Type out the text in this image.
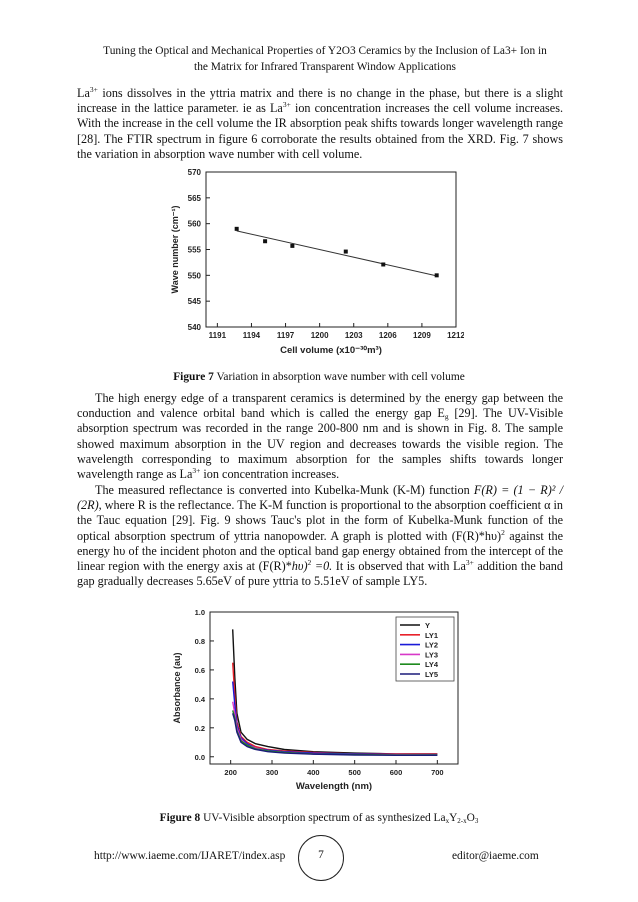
Tuning the Optical and Mechanical Properties of Y2O3 Ceramics by the Inclusion of La3+ Ion in
the Matrix for Infrared Transparent Window Applications
$La^{3+}$ ions dissolves in the yttria matrix and there is no change in the phase, but there is a slight increase in the lattice parameter. ie as $La^{3+}$ ion concentration increases the cell volume increases. With the increase in the cell volume the IR absorption peak shifts towards longer wavelength range [28]. The FTIR spectrum in figure 6 corroborate the results obtained from the XRD. Fig. 7 shows the variation in absorption wave number with cell volume.
540
545
550
555
560
565
570
1191 1194 1197 1200 1203 1206 1209 1212
Cell volume (x10⁻³⁰m³)
Wave number (cm⁻¹)
Figure 7 Variation in absorption wave number with cell volume
The high energy edge of a transparent ceramics is determined by the energy gap between the conduction and valence orbital band which is called the energy gap $E_g$ [29]. The UV-Visible absorption spectrum was recorded in the range 200-800 nm and is shown in Fig. 8. The sample showed maximum absorption in the UV region and decreases towards the visible region. The wavelength corresponding to maximum absorption for the samples shifts towards longer wavelength range as $La^{3+}$ ion concentration increases.
The measured reflectance is converted into Kubelka-Munk (K-M) function F(R) = (1 − R)² / (2R), where R is the reflectance. The K-M function is proportional to the absorption coefficient α in the Tauc equation [29]. Fig. 9 shows Tauc's plot in the form of Kubelka-Munk function of the optical absorption spectrum of yttria nanopowder. A graph is plotted with $(F(R)*h\upsilon)^2$ against the energy hυ of the incident photon and the optical band gap energy obtained from the intercept of the linear region with the energy axis at $(F(R)*h\upsilon)^2 =0$. It is observed that with $La^{3+}$ addition the band gap gradually decreases 5.65eV of pure yttria to 5.51eV of sample LY5.
0.0
0.2
0.4
0.6
0.8
1.0
200	300	400	500	600	700
Y
LY1
LY2
LY3
LY4
LY5
Wavelength (nm)
Absorbance (au)
Figure 8 UV-Visible absorption spectrum of as synthesized $La_xY_{2-x}O_3$
http://www.iaeme.com/IJARET/index.asp	7	editor@iaeme.com
